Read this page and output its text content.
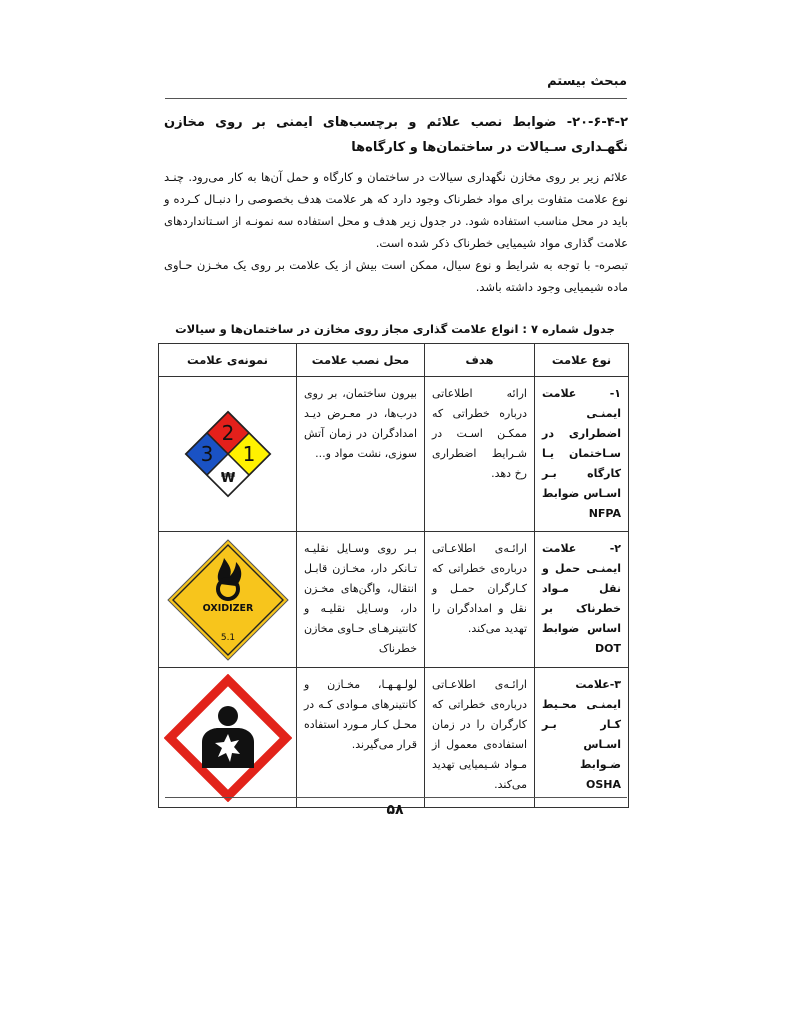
مبحث بیستم

۲۰-۶-۴-۲- ضوابط نصب علائم و برچسب‌های ایمنی بر روی مخازن نگهـداری سـیالات در ساختمان‌ها و کارگاه‌ها

علائم زیر بر روی مخازن نگهداری سیالات در ساختمان و کارگاه و حمل آن‌ها به کار می‌رود. چنـد نوع علامت متفاوت برای مواد خطرناک وجود دارد که هر علامت هدف بخصوصی را دنبـال کـرده و باید در محل مناسب استفاده شود. در جدول زیر هدف و محل استفاده سه نمونـه از اسـتانداردهای علامت گذاری مواد شیمیایی خطرناک ذکر شده است.

تبصره- با توجه به شرایط و نوع سیال، ممکن است بیش از یک علامت بر روی یک مخـزن حـاوی ماده شیمیایی وجود داشته باشد.

جدول شماره ۷ : انواع علامت گذاری مجاز روی مخازن در ساختمان‌ها و سیالات
نوع علامت	هدف	محل نصب علامت	نمونه‌ی علامت
۱- علامت ایمنـی اضطراری در سـاختمان یـا کارگاه بـر اسـاس ضوابط NFPA	ارائه اطلاعاتی درباره خطراتی که ممکـن اسـت در شـرایط اضطراری رخ دهد.	بیرون ساختمان، بر روی درب‌ها، در معـرض دیـد امدادگران در زمان آتش سوزی، نشت مواد و...	2
3 1
₩

۲- علامت ایمنـی حمل و نقل مـواد خطرناک بر اساس ضوابط DOT	ارائـه‌ی اطلاعـاتی درباره‌ی خطراتی که کـارگران حمـل و نقل و امدادگران را تهدید می‌کند.	بـر روی وسـایل نقلیـه تـانکر دار، مخـازن قابـل انتقال، واگن‌های مخـزن دار، وسـایل نقلیـه و کانتینرهـای حـاوی مخازن خطرناک	OXIDIZER
5.1

۳-علامت ایمنـی محـیط کـار بـر اسـاس ضـوابط OSHA	ارائـه‌ی اطلاعـاتی درباره‌ی خطراتی که کارگران را در زمان استفاده‌ی معمول از مـواد شـیمیایی تهدید می‌کند.	لولـهـهـا، مخـازن و کانتینرهای مـوادی کـه در محـل کـار مـورد استفاده قرار می‌گیرند.	
۵۸
